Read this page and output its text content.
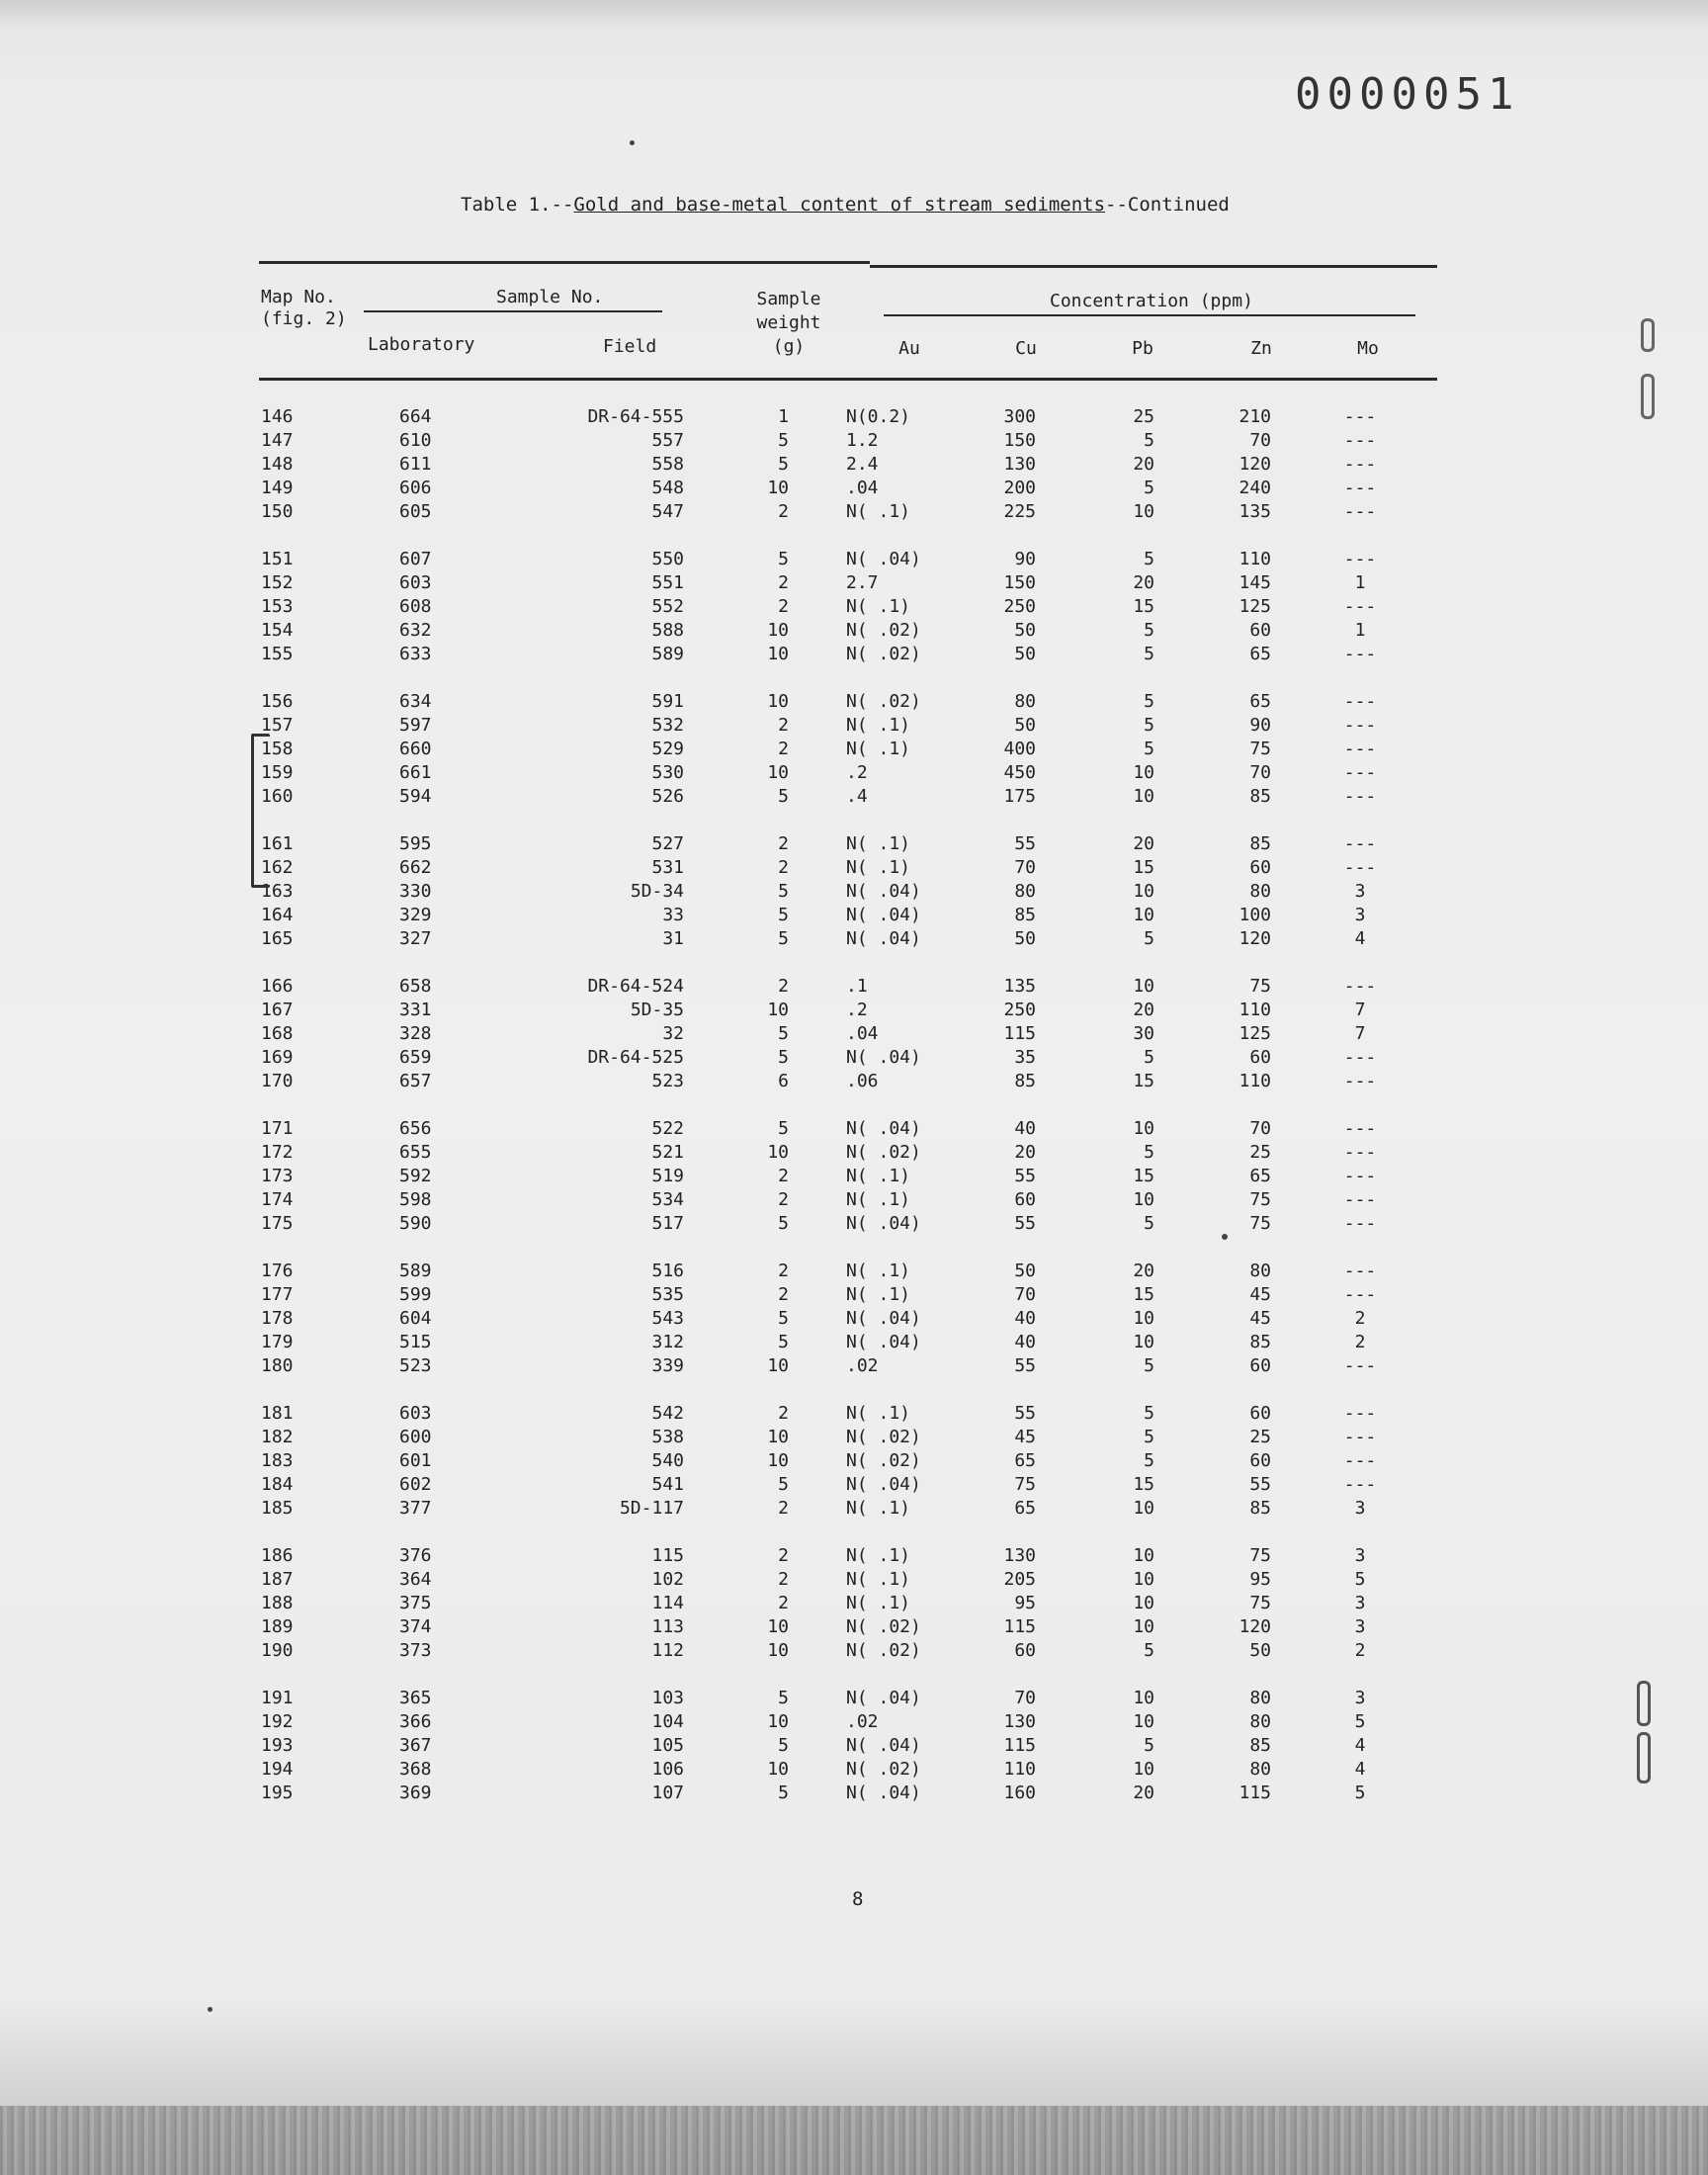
0000051
Table 1.--Gold and base-metal content of stream sediments--Continued
Map No.
(fig. 2)
Sample No.
Laboratory	Field
Sample
weight
(g)
Concentration (ppm)
Au	Cu	Pb	Zn	Mo
146	664	DR-64-555	1	N(0.2)	300	25	210	---
147	610	557	5	1.2	150	5	70	---
148	611	558	5	2.4	130	20	120	---
149	606	548	10	.04	200	5	240	---
150	605	547	2	N( .1)	225	10	135	---
151	607	550	5	N( .04)	90	5	110	---
152	603	551	2	2.7	150	20	145	1
153	608	552	2	N( .1)	250	15	125	---
154	632	588	10	N( .02)	50	5	60	1
155	633	589	10	N( .02)	50	5	65	---
156	634	591	10	N( .02)	80	5	65	---
157	597	532	2	N( .1)	50	5	90	---
158	660	529	2	N( .1)	400	5	75	---
159	661	530	10	.2	450	10	70	---
160	594	526	5	.4	175	10	85	---
161	595	527	2	N( .1)	55	20	85	---
162	662	531	2	N( .1)	70	15	60	---
163	330	5D-34	5	N( .04)	80	10	80	3
164	329	33	5	N( .04)	85	10	100	3
165	327	31	5	N( .04)	50	5	120	4
166	658	DR-64-524	2	.1	135	10	75	---
167	331	5D-35	10	.2	250	20	110	7
168	328	32	5	.04	115	30	125	7
169	659	DR-64-525	5	N( .04)	35	5	60	---
170	657	523	6	.06	85	15	110	---
171	656	522	5	N( .04)	40	10	70	---
172	655	521	10	N( .02)	20	5	25	---
173	592	519	2	N( .1)	55	15	65	---
174	598	534	2	N( .1)	60	10	75	---
175	590	517	5	N( .04)	55	5	75	---
176	589	516	2	N( .1)	50	20	80	---
177	599	535	2	N( .1)	70	15	45	---
178	604	543	5	N( .04)	40	10	45	2
179	515	312	5	N( .04)	40	10	85	2
180	523	339	10	.02	55	5	60	---
181	603	542	2	N( .1)	55	5	60	---
182	600	538	10	N( .02)	45	5	25	---
183	601	540	10	N( .02)	65	5	60	---
184	602	541	5	N( .04)	75	15	55	---
185	377	5D-117	2	N( .1)	65	10	85	3
186	376	115	2	N( .1)	130	10	75	3
187	364	102	2	N( .1)	205	10	95	5
188	375	114	2	N( .1)	95	10	75	3
189	374	113	10	N( .02)	115	10	120	3
190	373	112	10	N( .02)	60	5	50	2
191	365	103	5	N( .04)	70	10	80	3
192	366	104	10	.02	130	10	80	5
193	367	105	5	N( .04)	115	5	85	4
194	368	106	10	N( .02)	110	10	80	4
195	369	107	5	N( .04)	160	20	115	5
8
